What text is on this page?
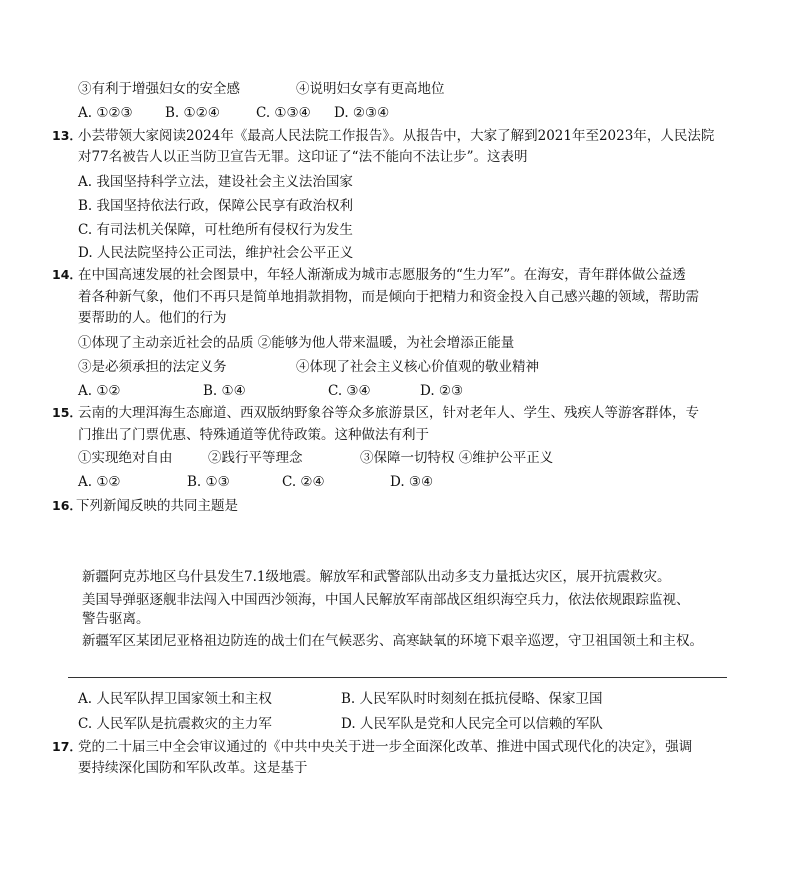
③有利于增强妇女的安全感	④说明妇女享有更高地位
A. ①②③ B. ①②④	C. ①③④ D. ②③④
13．
小芸带领大家阅读2024年《最高人民法院工作报告》。从报告中，大家了解到2021年至2023年，人民法院
对77名被告人以正当防卫宣告无罪。这印证了“法不能向不法让步”。这表明
A. 我国坚持科学立法，建设社会主义法治国家
B. 我国坚持依法行政，保障公民享有政治权利
C. 有司法机关保障，可杜绝所有侵权行为发生
D. 人民法院坚持公正司法，维护社会公平正义
14．
在中国高速发展的社会图景中，年轻人渐渐成为城市志愿服务的“生力军”。在海安，青年群体做公益透
着各种新气象，他们不再只是简单地捐款捐物，而是倾向于把精力和资金投入自己感兴趣的领域，帮助需
要帮助的人。他们的行为
①体现了主动亲近社会的品质 ②能够为他人带来温暖，为社会增添正能量
③是必须承担的法定义务	④体现了社会主义核心价值观的敬业精神
A. ①②	B. ①④	C. ③④	D. ②③
15．
云南的大理洱海生态廊道、西双版纳野象谷等众多旅游景区，针对老年人、学生、残疾人等游客群体，专
门推出了门票优惠、特殊通道等优待政策。这种做法有利于
①实现绝对自由	②践行平等理念	③保障一切特权 ④维护公平正义
A. ①②	B. ①③	C. ②④	D. ③④
16．
下列新闻反映的共同主题是
新疆阿克苏地区乌什县发生7.1级地震。解放军和武警部队出动多支力量抵达灾区，展开抗震救灾。
美国导弹驱逐舰非法闯入中国西沙领海，中国人民解放军南部战区组织海空兵力，依法依规跟踪监视、
警告驱离。
新疆军区某团尼亚格祖边防连的战士们在气候恶劣、高寒缺氧的环境下艰辛巡逻，守卫祖国领土和主权。
A. 人民军队捍卫国家领土和主权	B. 人民军队时时刻刻在抵抗侵略、保家卫国
C. 人民军队是抗震救灾的主力军	D. 人民军队是党和人民完全可以信赖的军队
17．
党的二十届三中全会审议通过的《中共中央关于进一步全面深化改革、推进中国式现代化的决定》，强调
要持续深化国防和军队改革。这是基于
